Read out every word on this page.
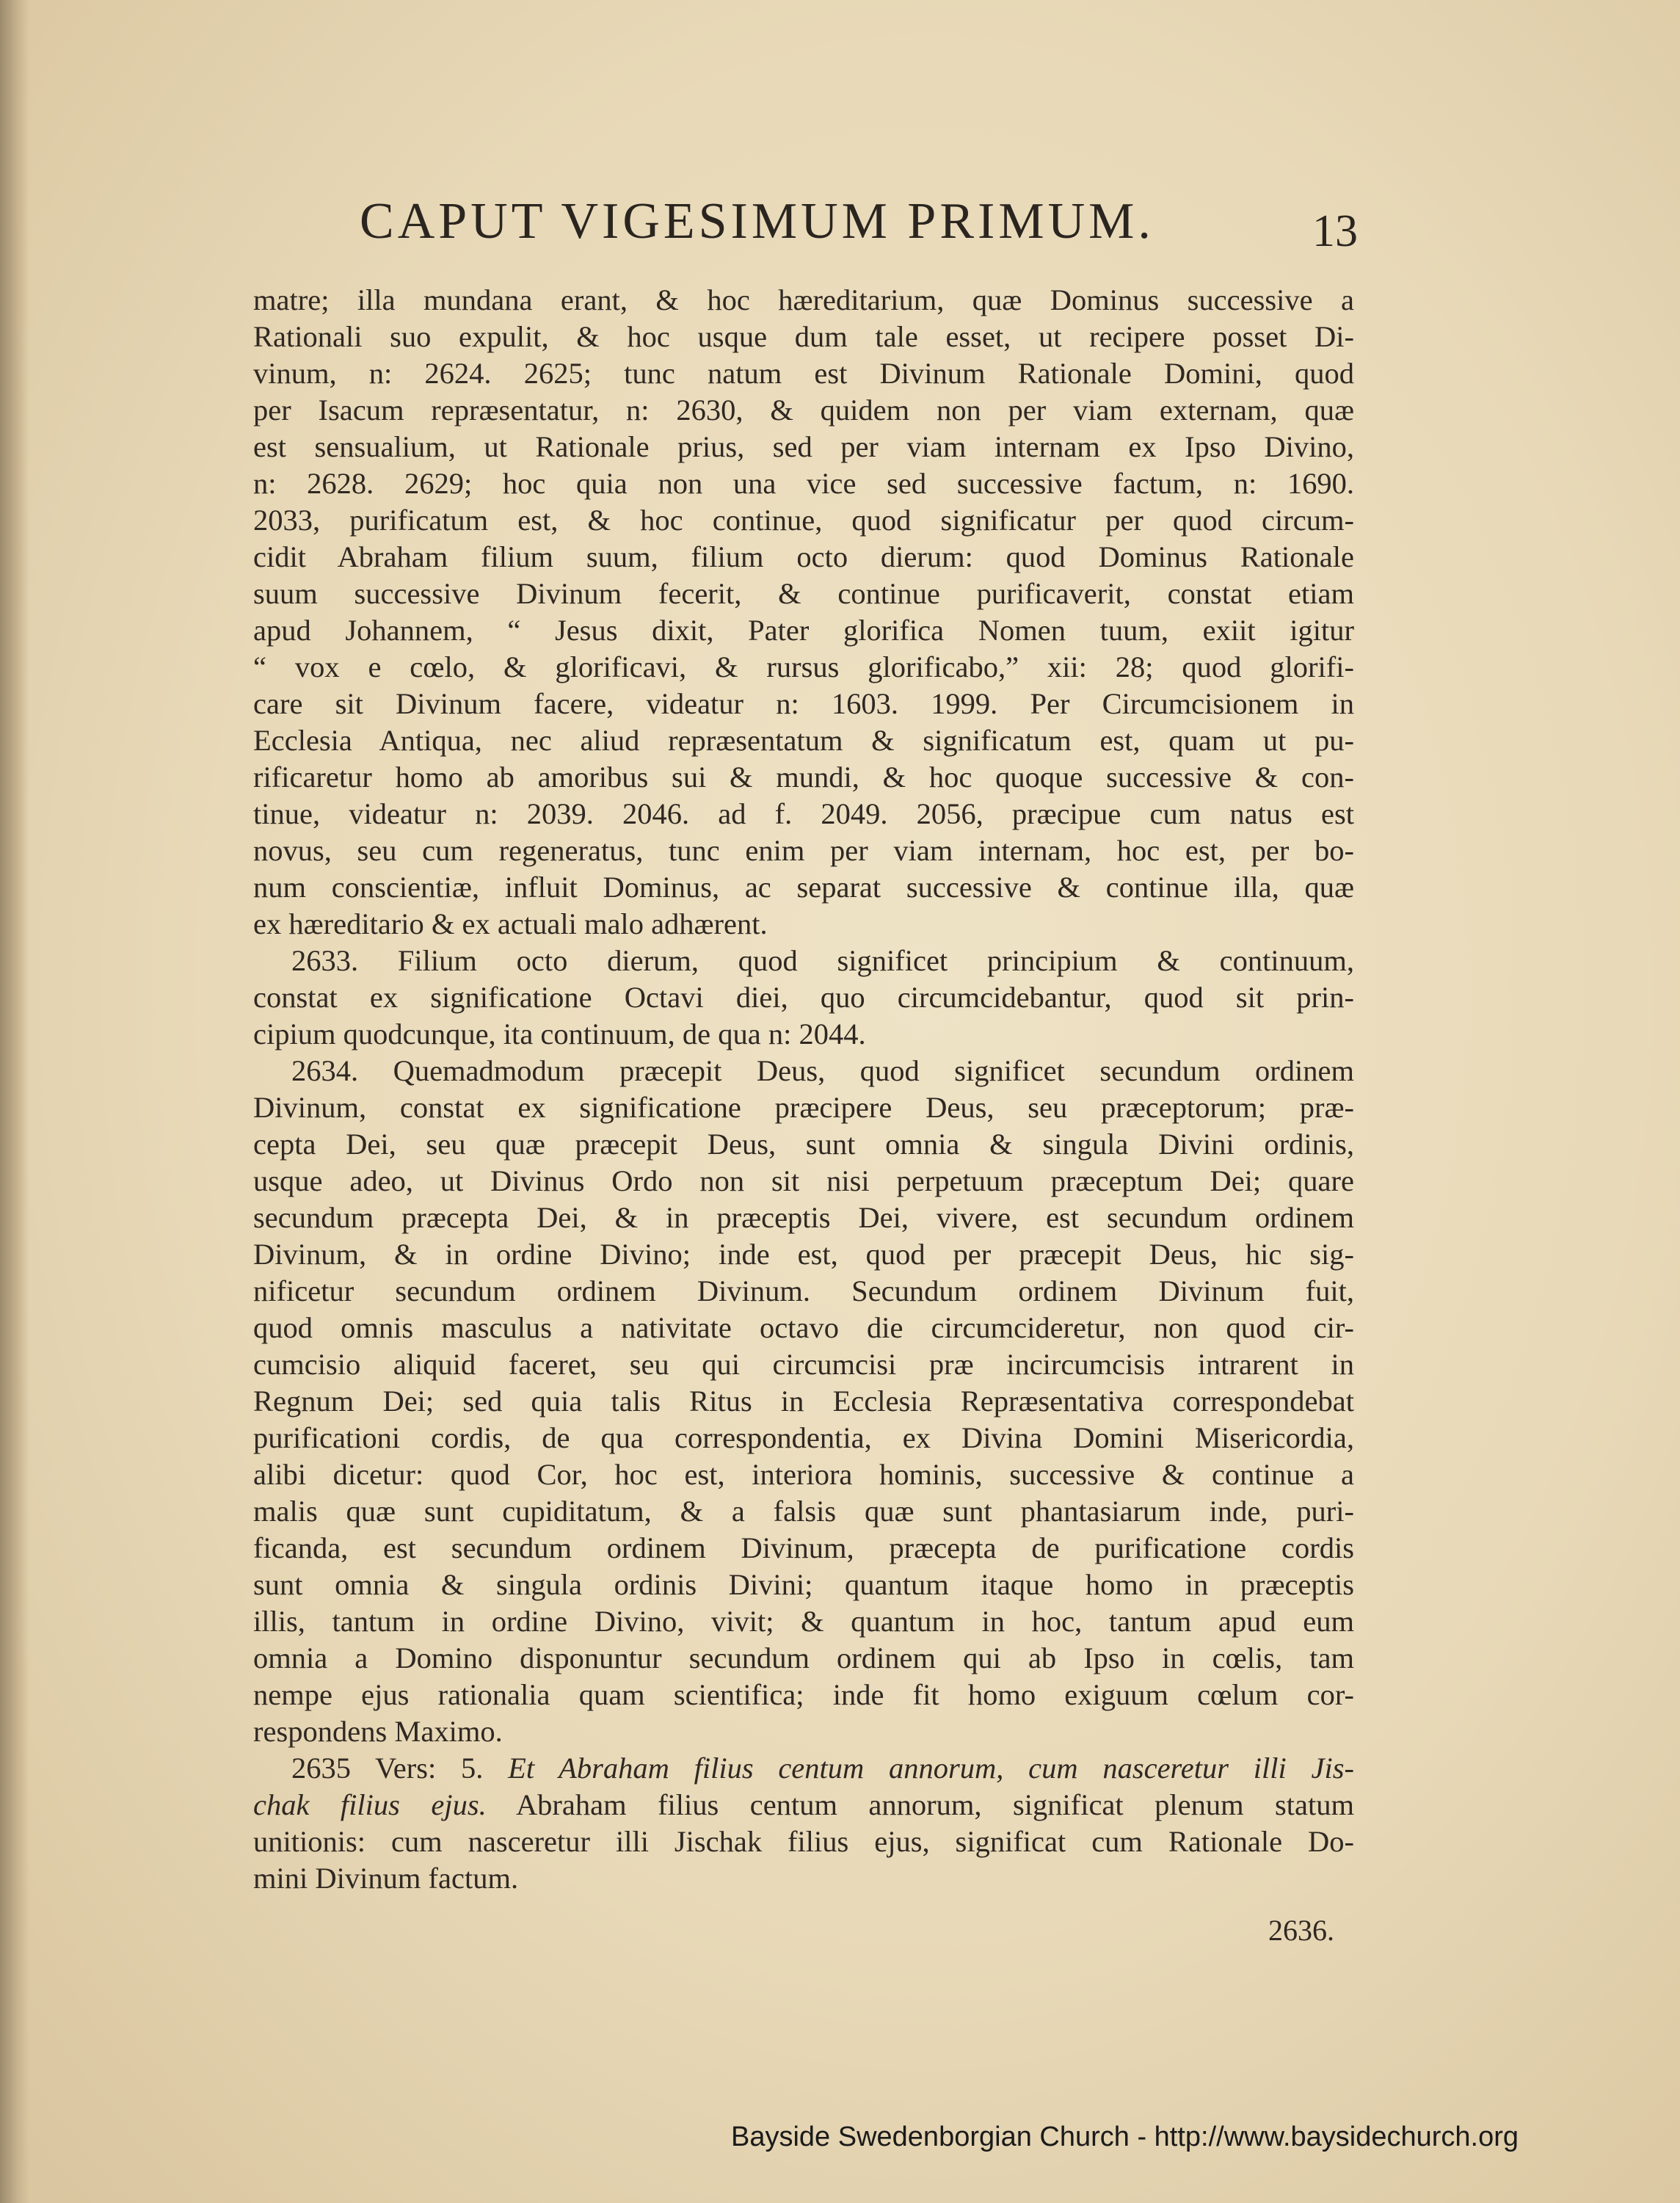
CAPUT VIGESIMUM PRIMUM.	13
matre; illa mundana erant, & hoc hæreditarium, quæ Dominus successive a
Rationali suo expulit, & hoc usque dum tale esset, ut recipere posset Di-
vinum, n: 2624. 2625; tunc natum est Divinum Rationale Domini, quod
per Isacum repræsentatur, n: 2630, & quidem non per viam externam, quæ
est sensualium, ut Rationale prius, sed per viam internam ex Ipso Divino,
n: 2628. 2629; hoc quia non una vice sed successive factum, n: 1690.
2033, purificatum est, & hoc continue, quod significatur per quod circum-
cidit Abraham filium suum, filium octo dierum: quod Dominus Rationale
suum successive Divinum fecerit, & continue purificaverit, constat etiam
apud Johannem, “ Jesus dixit, Pater glorifica Nomen tuum, exiit igitur
“ vox e cœlo, & glorificavi, & rursus glorificabo,” xii: 28; quod glorifi-
care sit Divinum facere, videatur n: 1603. 1999. Per Circumcisionem in
Ecclesia Antiqua, nec aliud repræsentatum & significatum est, quam ut pu-
rificaretur homo ab amoribus sui & mundi, & hoc quoque successive & con-
tinue, videatur n: 2039. 2046. ad f. 2049. 2056, præcipue cum natus est
novus, seu cum regeneratus, tunc enim per viam internam, hoc est, per bo-
num conscientiæ, influit Dominus, ac separat successive & continue illa, quæ
ex hæreditario & ex actuali malo adhærent.
2633. Filium octo dierum, quod significet principium & continuum,
constat ex significatione Octavi diei, quo circumcidebantur, quod sit prin-
cipium quodcunque, ita continuum, de qua n: 2044.
2634. Quemadmodum præcepit Deus, quod significet secundum ordinem
Divinum, constat ex significatione præcipere Deus, seu præceptorum; præ-
cepta Dei, seu quæ præcepit Deus, sunt omnia & singula Divini ordinis,
usque adeo, ut Divinus Ordo non sit nisi perpetuum præceptum Dei; quare
secundum præcepta Dei, & in præceptis Dei, vivere, est secundum ordinem
Divinum, & in ordine Divino; inde est, quod per præcepit Deus, hic sig-
nificetur secundum ordinem Divinum. Secundum ordinem Divinum fuit,
quod omnis masculus a nativitate octavo die circumcideretur, non quod cir-
cumcisio aliquid faceret, seu qui circumcisi præ incircumcisis intrarent in
Regnum Dei; sed quia talis Ritus in Ecclesia Repræsentativa correspondebat
purificationi cordis, de qua correspondentia, ex Divina Domini Misericordia,
alibi dicetur: quod Cor, hoc est, interiora hominis, successive & continue a
malis quæ sunt cupiditatum, & a falsis quæ sunt phantasiarum inde, puri-
ficanda, est secundum ordinem Divinum, præcepta de purificatione cordis
sunt omnia & singula ordinis Divini; quantum itaque homo in præceptis
illis, tantum in ordine Divino, vivit; & quantum in hoc, tantum apud eum
omnia a Domino disponuntur secundum ordinem qui ab Ipso in cœlis, tam
nempe ejus rationalia quam scientifica; inde fit homo exiguum cœlum cor-
respondens Maximo.
2635 Vers: 5. Et Abraham filius centum annorum, cum nasceretur illi Jis-
chak filius ejus. Abraham filius centum annorum, significat plenum statum
unitionis: cum nasceretur illi Jischak filius ejus, significat cum Rationale Do-
mini Divinum factum.
2636.
Bayside Swedenborgian Church - http://www.baysidechurch.org
